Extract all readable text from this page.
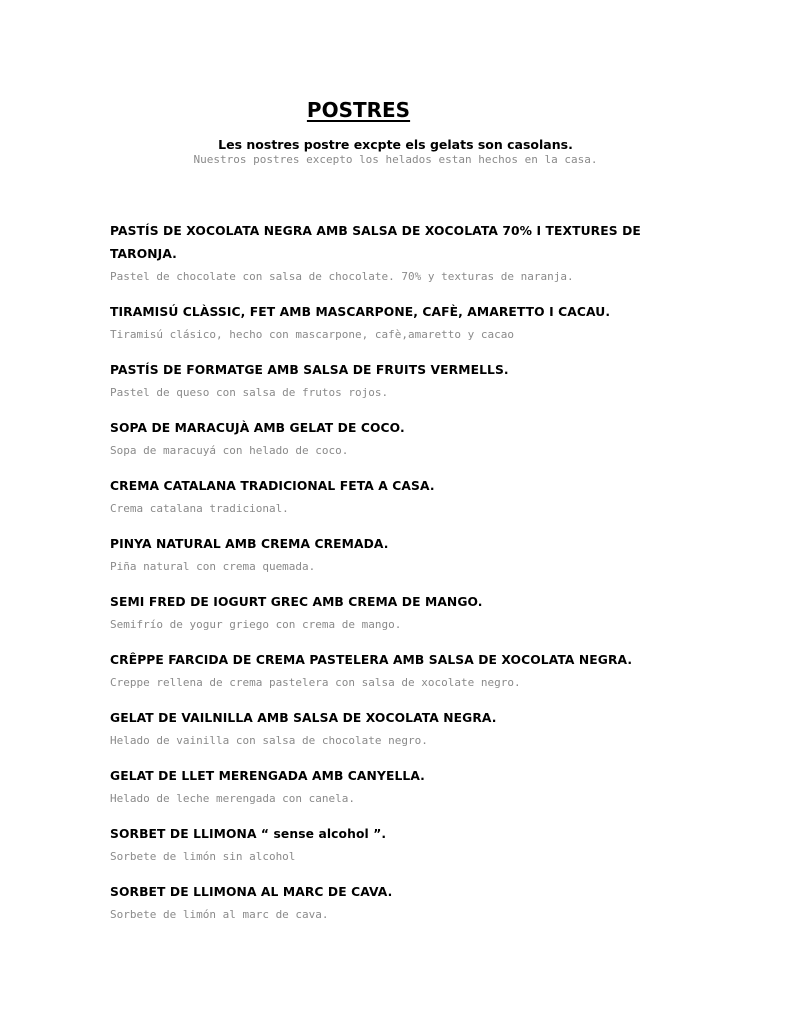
POSTRES

Les nostres postre excpte els gelats son casolans.

Nuestros postres excepto los helados estan hechos en la casa.

PASTÍS DE XOCOLATA NEGRA AMB SALSA DE XOCOLATA 70% I TEXTURES DE TARONJA.
Pastel de chocolate con salsa de chocolate. 70% y texturas de naranja.
TIRAMISÚ CLÀSSIC, FET AMB MASCARPONE, CAFÈ, AMARETTO I CACAU.
Tiramisú clásico, hecho con mascarpone, cafè,amaretto y cacao
PASTÍS DE FORMATGE AMB SALSA DE FRUITS VERMELLS.
Pastel de queso con salsa de frutos rojos.
SOPA DE MARACUJÀ AMB GELAT DE COCO.
Sopa de maracuyá con helado de coco.
CREMA CATALANA TRADICIONAL FETA A CASA.
Crema catalana tradicional.
PINYA NATURAL AMB CREMA CREMADA.
Piña natural con crema quemada.
SEMI FRED DE IOGURT GREC AMB CREMA DE MANGO.
Semifrío de yogur griego con crema de mango.
CRÊPPE FARCIDA DE CREMA PASTELERA AMB SALSA DE XOCOLATA NEGRA.
Creppe rellena de crema pastelera con salsa de xocolate negro.
GELAT DE VAILNILLA AMB SALSA DE XOCOLATA NEGRA.
Helado de vainilla con salsa de chocolate negro.
GELAT DE LLET MERENGADA AMB CANYELLA.
Helado de leche merengada con canela.
SORBET DE LLIMONA “ sense alcohol ”.
Sorbete de limón sin alcohol
SORBET DE LLIMONA AL MARC DE CAVA.
Sorbete de limón al marc de cava.
